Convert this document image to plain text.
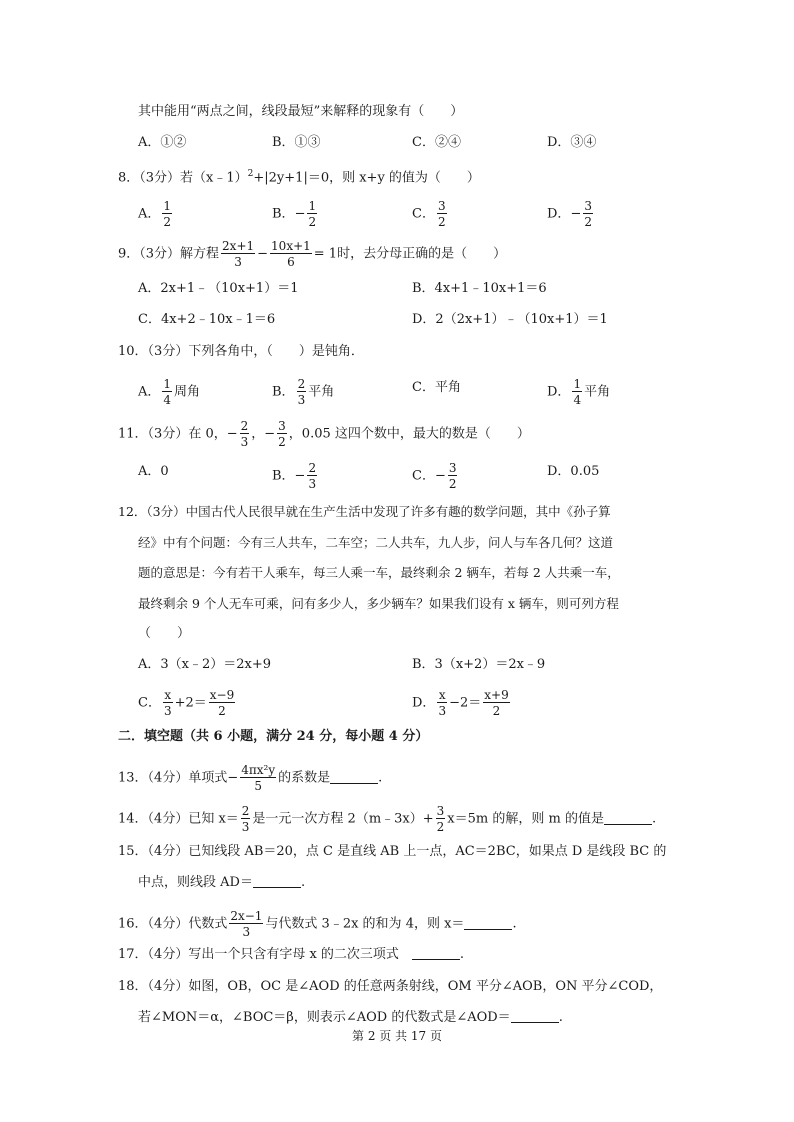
其中能用“两点之间，线段最短”来解释的现象有（　　）
A．①②	B．①③	C．②④	D．③④
8．（3分）若（x﹣1）$^2$+|2y+1|＝0，则 x+y 的值为（　　）
A． $\frac{1}{2}$	B．− $\frac{1}{2}$	C． $\frac{3}{2}$	D．− $\frac{3}{2}$
9．（3分）解方程 $\frac{2x+1}{3} - \frac{10x+1}{6} = 1$时，去分母正确的是（　　）
A．2x+1﹣（10x+1）＝1	B．4x+1﹣10x+1＝6
C．4x+2﹣10x﹣1＝6	D．2（2x+1）﹣（10x+1）＝1
10．（3分）下列各角中，（　　）是钝角．
A． $\frac{1}{4}$ 周角	B． $\frac{2}{3}$ 平角	C．平角	D． $\frac{1}{4}$ 平角
11．（3分）在 0，− $\frac{2}{3}$ ，− $\frac{3}{2}$ ，0.05 这四个数中，最大的数是（　　）
A．0	B．− $\frac{2}{3}$	C．− $\frac{3}{2}$	D．0.05
12．（3分）中国古代人民很早就在生产生活中发现了许多有趣的数学问题，其中《孙子算
经》中有个问题：今有三人共车，二车空；二人共车，九人步，问人与车各几何？这道
题的意思是：今有若干人乘车，每三人乘一车，最终剩余 2 辆车，若每 2 人共乘一车，
最终剩余 9 个人无车可乘，问有多少人，多少辆车？如果我们设有 x 辆车，则可列方程
（　　）
A．3（x﹣2）＝2x+9	B．3（x+2）＝2x﹣9
C． $\frac{x}{3} +2= \frac{x-9}{2}$	D． $\frac{x}{3} -2= \frac{x+9}{2}$
二．填空题（共 6 小题，满分 24 分，每小题 4 分）
13．（4分）单项式− $\frac{\text{4πx²y}}{5}$ 的系数是	.
14．（4分）已知 $x= \frac{2}{3}$ 是一元一次方程 2（m﹣3x）+ $\frac{3}{2} x=5m$ 的解，则 m 的值是	.
15．（4分）已知线段 AB＝20，点 C 是直线 AB 上一点，AC＝2BC，如果点 D 是线段 BC 的
中点，则线段 AD＝	.
16．（4分）代数式 $\frac{2x-1}{3}$ 与代数式 3﹣2x 的和为 4，则 x＝	.
17．（4分）写出一个只含有字母 x 的二次三项式　	.
18．（4分）如图，OB，OC 是∠AOD 的任意两条射线，OM 平分∠AOB，ON 平分∠COD，
若∠MON＝α，∠BOC＝β，则表示∠AOD 的代数式是∠AOD＝	.
第 2 页 共 17 页
